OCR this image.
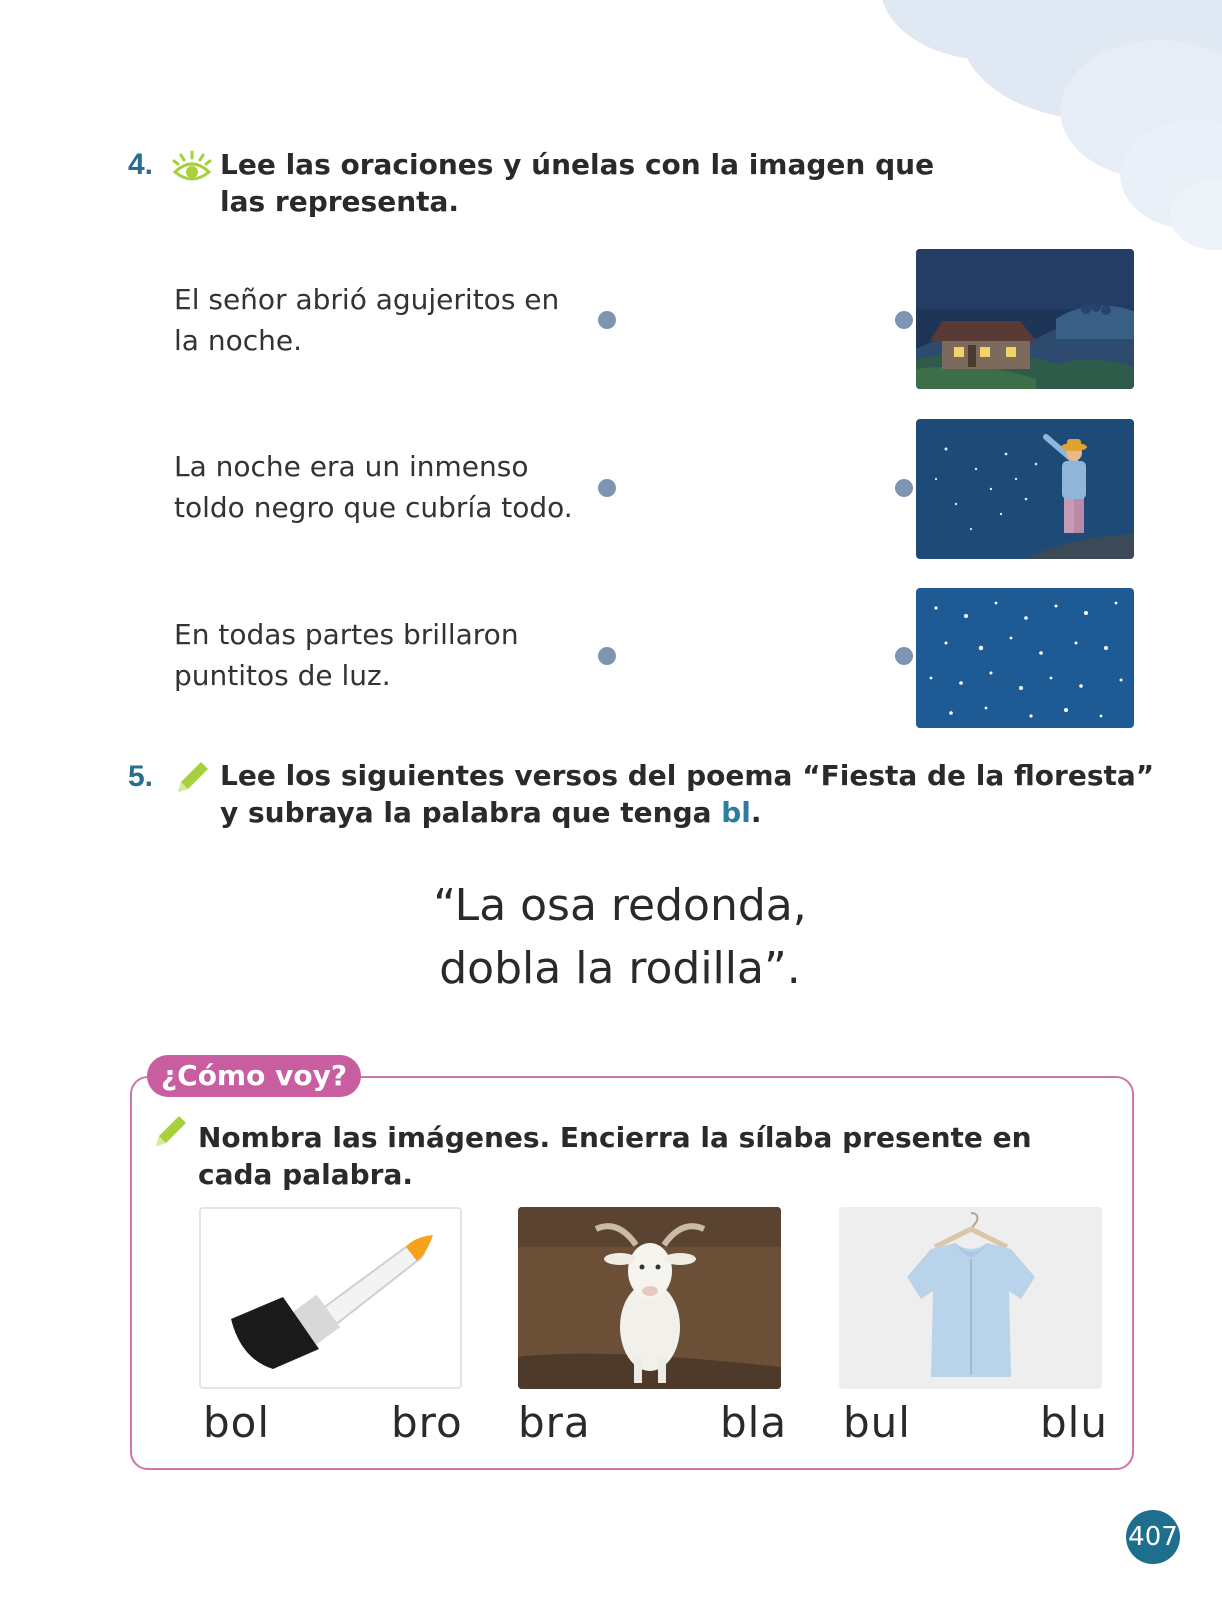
4. Lee las oraciones y únelas con la imagen que
las representa.
El señor abrió agujeritos en
la noche.
La noche era un inmenso
toldo negro que cubría todo.
En todas partes brillaron
puntitos de luz.
5. Lee los siguientes versos del poema “Fiesta de la floresta”
y subraya la palabra que tenga bl.
“La osa redonda,
dobla la rodilla”.
¿Cómo voy?
Nombra las imágenes. Encierra la sílaba presente en
cada palabra.
bol	bro bra	bla bul	blu
407
